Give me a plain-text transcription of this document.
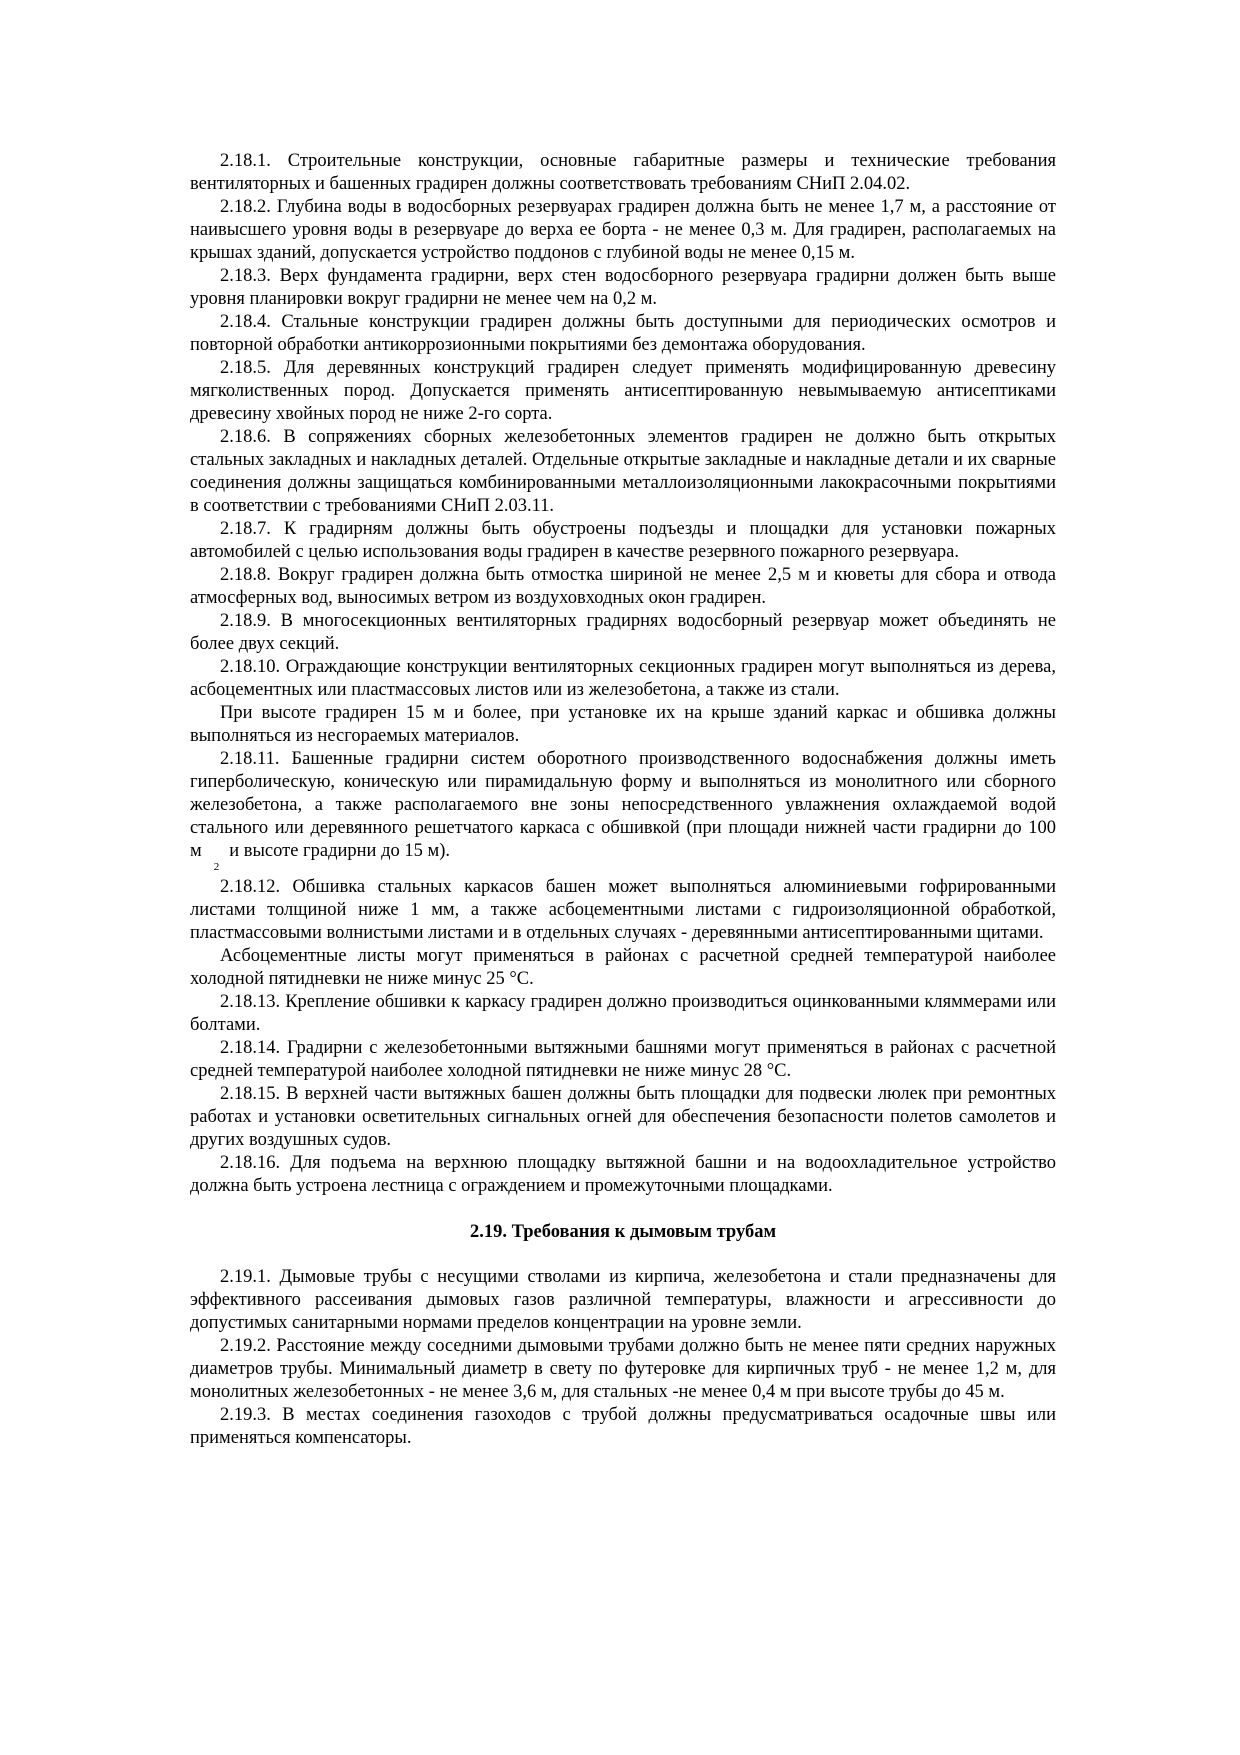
2.18.1. Строительные конструкции, основные габаритные размеры и технические требования вентиляторных и башенных градирен должны соответствовать требованиям СНиП 2.04.02.

2.18.2. Глубина воды в водосборных резервуарах градирен должна быть не менее 1,7 м, а расстояние от наивысшего уровня воды в резервуаре до верха ее борта - не менее 0,3 м. Для градирен, располагаемых на крышах зданий, допускается устройство поддонов с глубиной воды не менее 0,15 м.

2.18.3. Верх фундамента градирни, верх стен водосборного резервуара градирни должен быть выше уровня планировки вокруг градирни не менее чем на 0,2 м.

2.18.4. Стальные конструкции градирен должны быть доступными для периодических осмотров и повторной обработки антикоррозионными покрытиями без демонтажа оборудования.

2.18.5. Для деревянных конструкций градирен следует применять модифицированную древесину мягколиственных пород. Допускается применять антисептированную невымываемую антисептиками древесину хвойных пород не ниже 2-го сорта.

2.18.6. В сопряжениях сборных железобетонных элементов градирен не должно быть открытых стальных закладных и накладных деталей. Отдельные открытые закладные и накладные детали и их сварные соединения должны защищаться комбинированными металлоизоляционными лакокрасочными покрытиями в соответствии с требованиями СНиП 2.03.11.

2.18.7. К градирням должны быть обустроены подъезды и площадки для установки пожарных автомобилей с целью использования воды градирен в качестве резервного пожарного резервуара.

2.18.8. Вокруг градирен должна быть отмостка шириной не менее 2,5 м и кюветы для сбора и отвода атмосферных вод, выносимых ветром из воздуховходных окон градирен.

2.18.9. В многосекционных вентиляторных градирнях водосборный резервуар может объединять не более двух секций.

2.18.10. Ограждающие конструкции вентиляторных секционных градирен могут выполняться из дерева, асбоцементных или пластмассовых листов или из железобетона, а также из стали.

При высоте градирен 15 м и более, при установке их на крыше зданий каркас и обшивка должны выполняться из несгораемых материалов.

2.18.11. Башенные градирни систем оборотного производственного водоснабжения должны иметь гиперболическую, коническую или пирамидальную форму и выполняться из монолитного или сборного железобетона, а также располагаемого вне зоны непосредственного увлажнения охлаждаемой водой стального или деревянного решетчатого каркаса с обшивкой (при площади нижней части градирни до 100 $м^2и$ высоте градирни до 15 м).

2.18.12. Обшивка стальных каркасов башен может выполняться алюминиевыми гофрированными листами толщиной ниже 1 мм, а также асбоцементными листами с гидроизоляционной обработкой, пластмассовыми волнистыми листами и в отдельных случаях - деревянными антисептированными щитами.

Асбоцементные листы могут применяться в районах с расчетной средней температурой наиболее холодной пятидневки не ниже минус 25 °С.

2.18.13. Крепление обшивки к каркасу градирен должно производиться оцинкованными кляммерами или болтами.

2.18.14. Градирни с железобетонными вытяжными башнями могут применяться в районах с расчетной средней температурой наиболее холодной пятидневки не ниже минус 28 °С.

2.18.15. В верхней части вытяжных башен должны быть площадки для подвески люлек при ремонтных работах и установки осветительных сигнальных огней для обеспечения безопасности полетов самолетов и других воздушных судов.

2.18.16. Для подъема на верхнюю площадку вытяжной башни и на водоохладительное устройство должна быть устроена лестница с ограждением и промежуточными площадками.

2.19. Требования к дымовым трубам

2.19.1. Дымовые трубы с несущими стволами из кирпича, железобетона и стали предназначены для эффективного рассеивания дымовых газов различной температуры, влажности и агрессивности до допустимых санитарными нормами пределов концентрации на уровне земли.

2.19.2. Расстояние между соседними дымовыми трубами должно быть не менее пяти средних наружных диаметров трубы. Минимальный диаметр в свету по футеровке для кирпичных труб - не менее 1,2 м, для монолитных железобетонных - не менее 3,6 м, для стальных -не менее 0,4 м при высоте трубы до 45 м.

2.19.3. В местах соединения газоходов с трубой должны предусматриваться осадочные швы или применяться компенсаторы.
